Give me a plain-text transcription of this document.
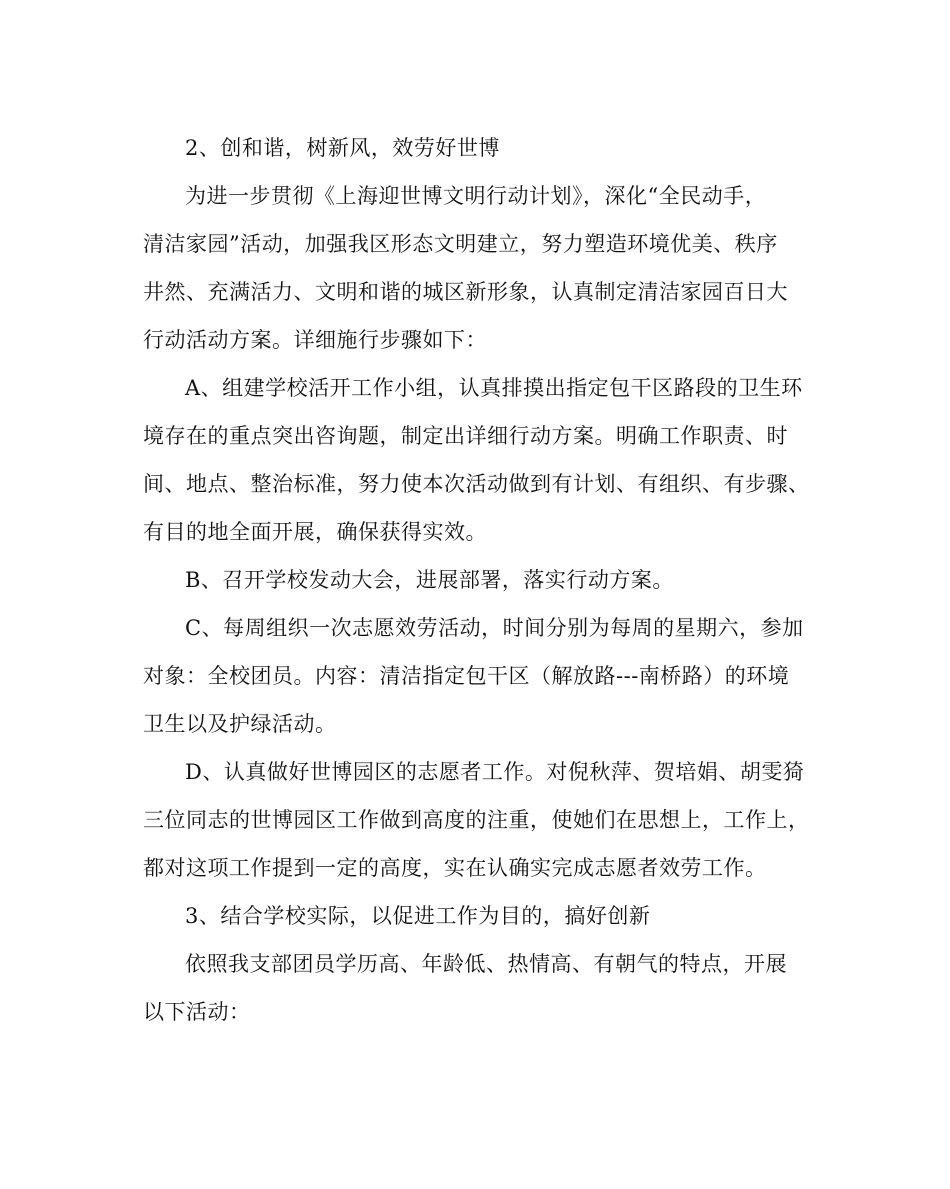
2、创和谐，树新风，效劳好世博
为进一步贯彻《上海迎世博文明行动计划》，深化“全民动手，
清洁家园”活动，加强我区形态文明建立，努力塑造环境优美、秩序
井然、充满活力、文明和谐的城区新形象，认真制定清洁家园百日大
行动活动方案。详细施行步骤如下：
A、组建学校活开工作小组，认真排摸出指定包干区路段的卫生环
境存在的重点突出咨询题，制定出详细行动方案。明确工作职责、时
间、地点、整治标准，努力使本次活动做到有计划、有组织、有步骤、
有目的地全面开展，确保获得实效。
B、召开学校发动大会，进展部署，落实行动方案。
C、每周组织一次志愿效劳活动，时间分别为每周的星期六，参加
对象：全校团员。内容：清洁指定包干区（解放路---南桥路）的环境
卫生以及护绿活动。
D、认真做好世博园区的志愿者工作。对倪秋萍、贺培娟、胡雯猗
三位同志的世博园区工作做到高度的注重，使她们在思想上，工作上，
都对这项工作提到一定的高度，实在认确实完成志愿者效劳工作。
3、结合学校实际，以促进工作为目的，搞好创新
依照我支部团员学历高、年龄低、热情高、有朝气的特点，开展
以下活动：
